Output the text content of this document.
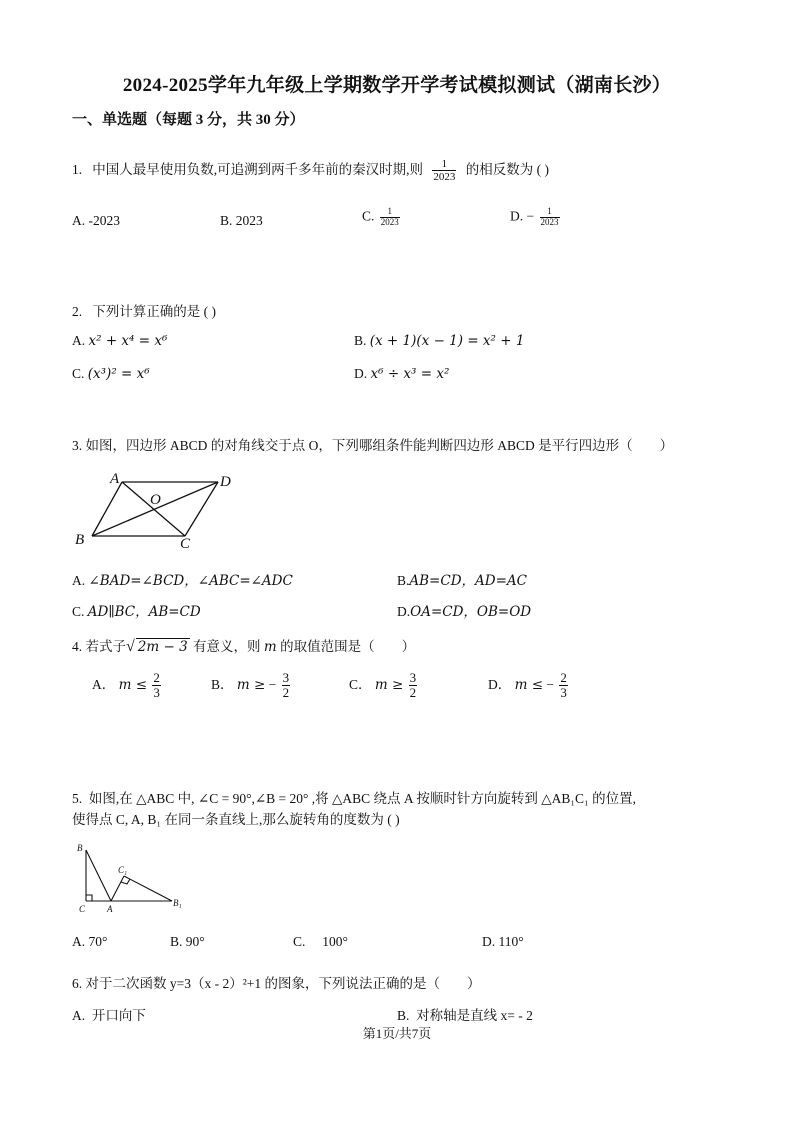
2024-2025学年九年级上学期数学开学考试模拟测试（湖南长沙）
一、单选题（每题 3 分，共 30 分）
1. 中国人最早使用负数,可追溯到两千多年前的秦汉时期,则 $\frac{1}{2023}$ 的相反数为 ( )
A. -2023	B. 2023	C. $\frac{1}{2023}$	D. − $\frac{1}{2023}$
2. 下列计算正确的是 ( )
A. x² + x⁴ = x⁶	B. (x + 1)(x − 1) = x² + 1
C. (x³)² = x⁶	D. x⁶ ÷ x³ = x²
3. 如图，四边形 ABCD 的对角线交于点 O，下列哪组条件能判断四边形 ABCD 是平行四边形（　　）
A	D
O
B	C
A. ∠BAD=∠BCD，∠ABC=∠ADC	B.AB=CD，AD=AC
C. AD∥BC，AB=CD	D.OA=CD，OB=OD
4. 若式子√ 2m − 3 有意义，则 m 的取值范围是（　　）
A． $m \le \frac{2}{3}$	B． m ≥ − $\frac{3}{2}$	C． $m \ge \frac{3}{2}$	D． m ≤ − $\frac{2}{3}$
5. 如图,在 △ABC 中, ∠C = 90°,∠B = 20° ,将 △ABC 绕点 A 按顺时针方向旋转到 △AB₁C₁ 的位置,
使得点 C, A, B₁ 在同一条直线上,那么旋转角的度数为 ( )
B
C₁
C A
B₁
A. 70°	B. 90°	C. 100°	D. 110°
6. 对于二次函数 y=3（x - 2）²+1 的图象，下列说法正确的是（　　）
A. 开口向下	B. 对称轴是直线 x= - 2
第1页/共7页
